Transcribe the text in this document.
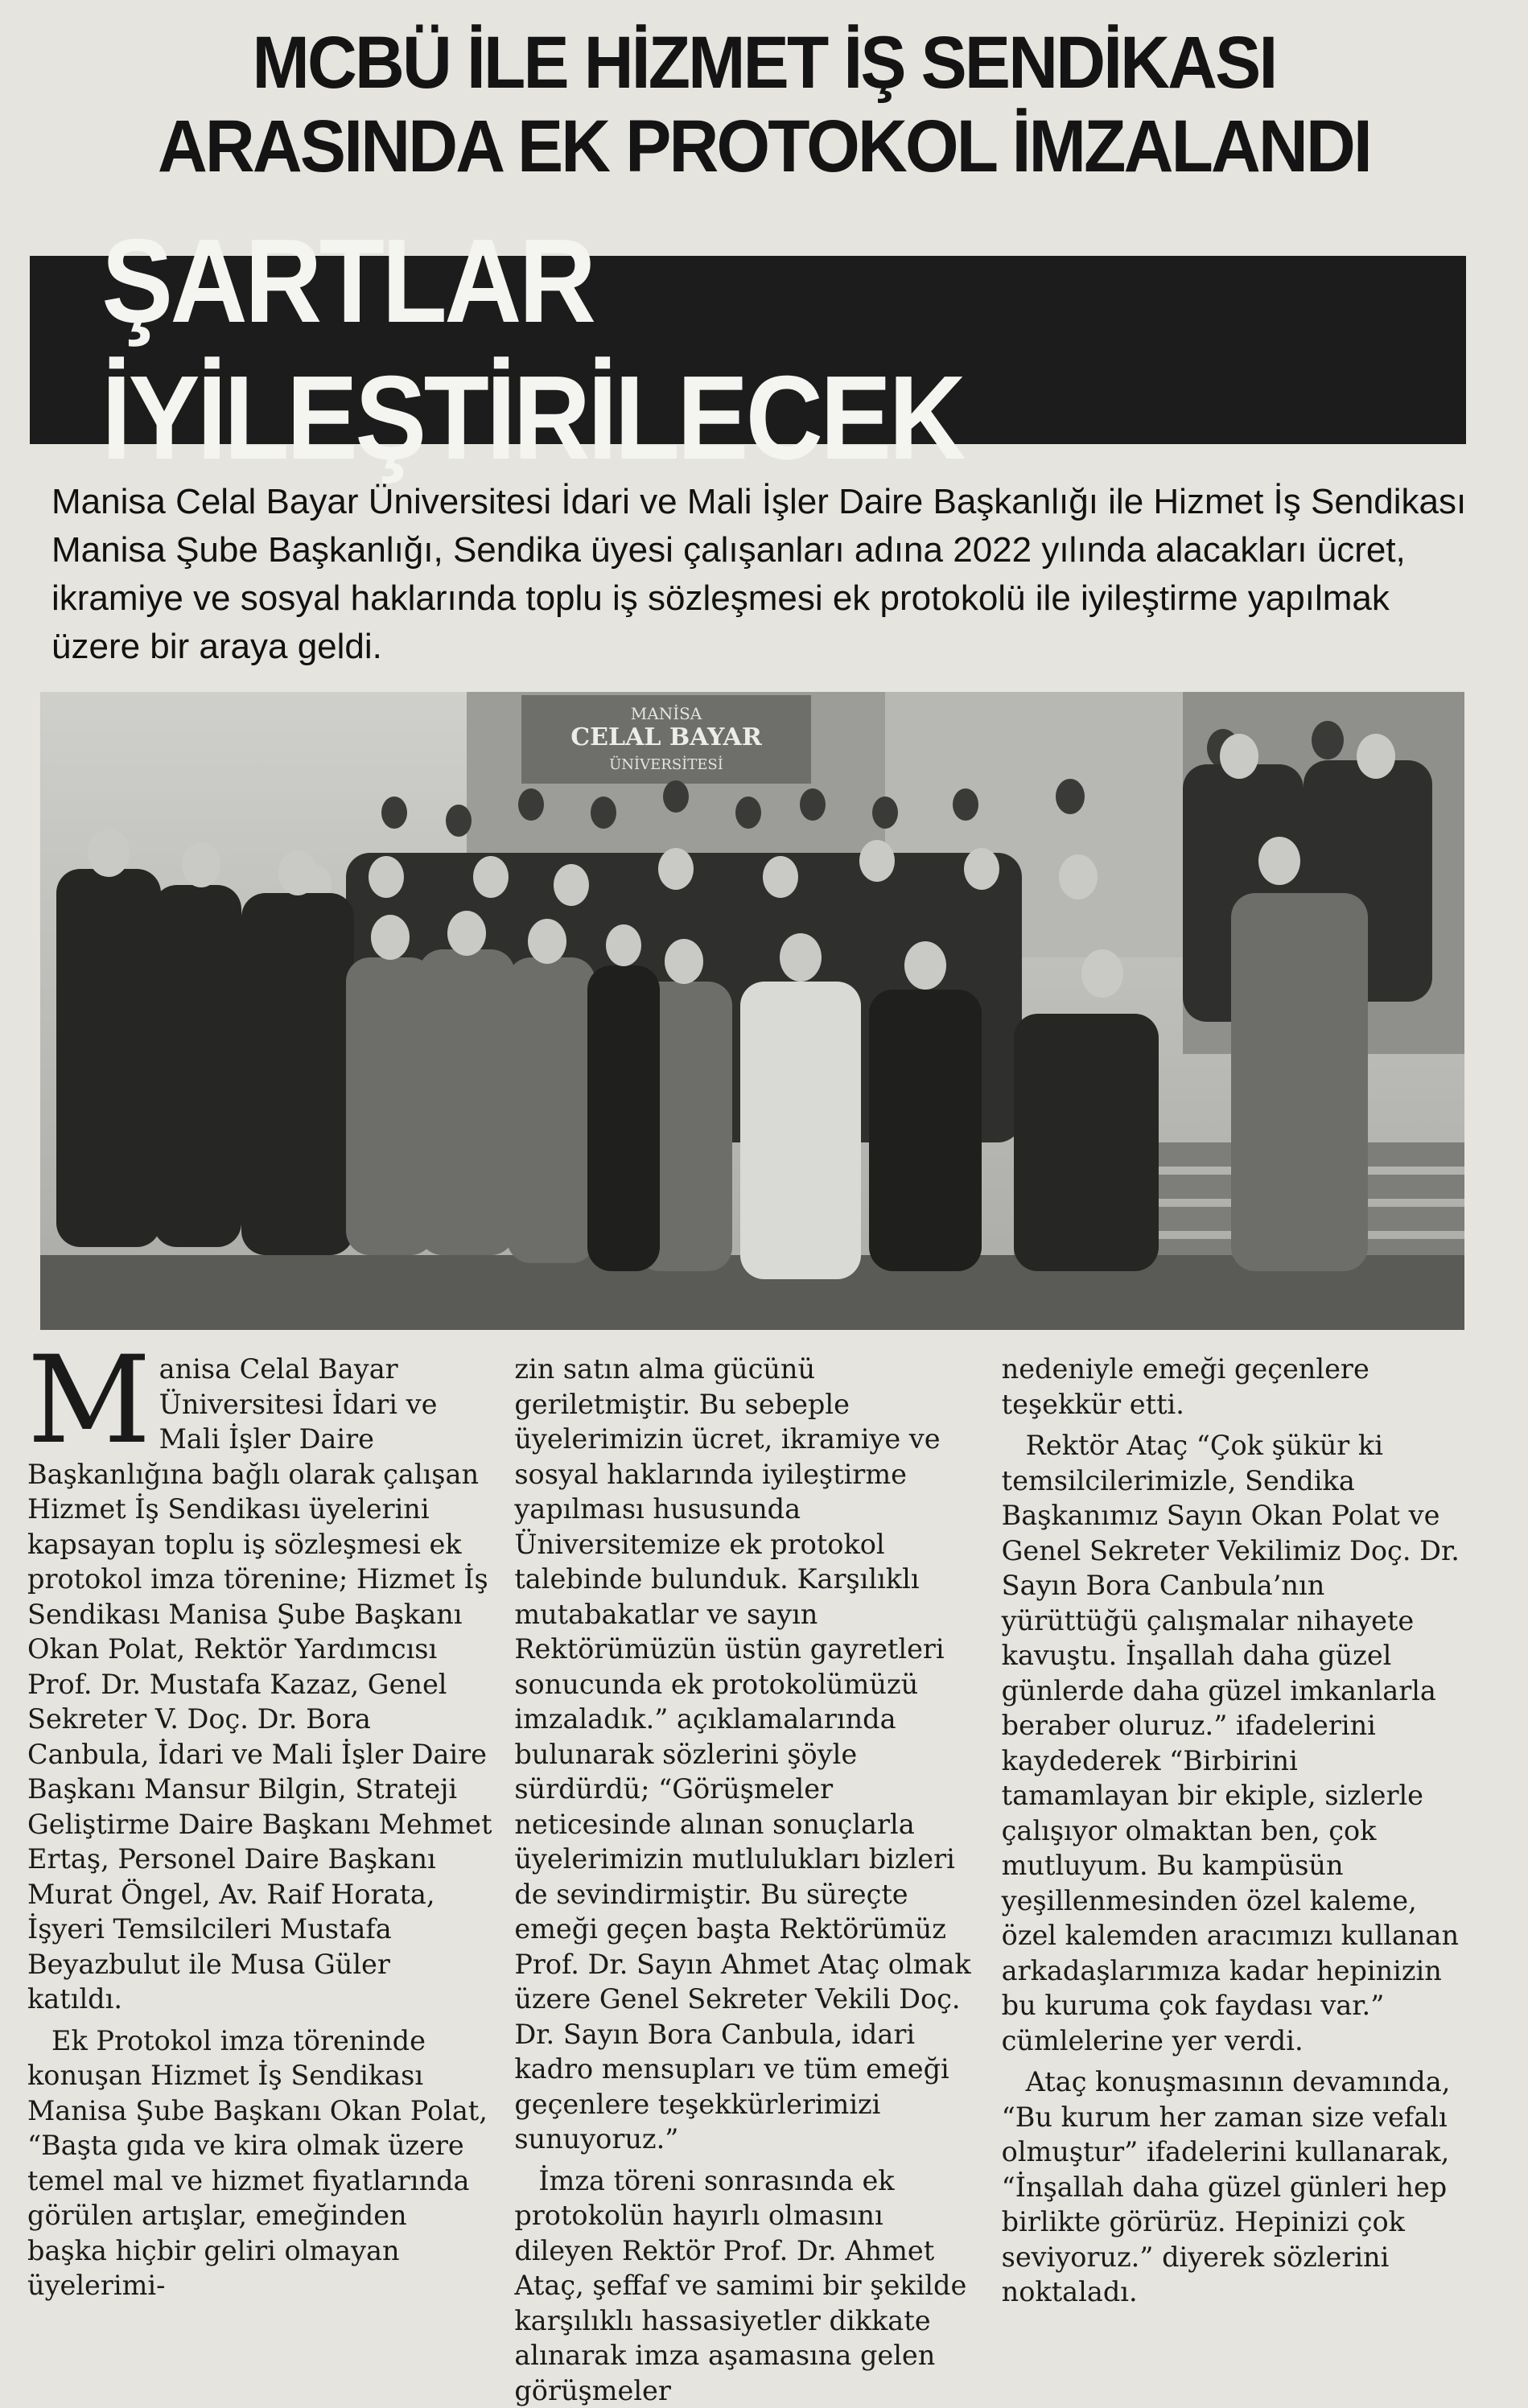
MCBÜ İLE HİZMET İŞ SENDİKASI
ARASINDA EK PROTOKOL İMZALANDI
ŞARTLAR İYİLEŞTİRİLECEK
Manisa Celal Bayar Üniversitesi İdari ve Mali İşler Daire Başkanlığı ile Hizmet İş Sendikası Manisa Şube Başkanlığı, Sendika üyesi çalışanları adına 2022 yılında alacakları ücret, ikramiye ve sosyal haklarında toplu iş sözleşmesi ek protokolü ile iyileştirme yapılmak üzere bir araya geldi.
MANİSA
CELAL BAYAR
ÜNİVERSİTESİ

Manisa Celal Bayar Üniversitesi İdari ve Mali İşler Daire Başkanlığına bağlı olarak çalışan Hizmet İş Sendikası üyelerini kapsayan toplu iş sözleşmesi ek protokol imza törenine; Hizmet İş Sendikası Manisa Şube Başkanı Okan Polat, Rektör Yardımcısı Prof. Dr. Mustafa Kazaz, Genel Sekreter V. Doç. Dr. Bora Canbula, İdari ve Mali İşler Daire Başkanı Mansur Bilgin, Strateji Geliştirme Daire Başkanı Mehmet Ertaş, Personel Daire Başkanı Murat Öngel, Av. Raif Horata, İşyeri Temsilcileri Mustafa Beyazbulut ile Musa Güler katıldı.

Ek Protokol imza töreninde konuşan Hizmet İş Sendikası Manisa Şube Başkanı Okan Polat, “Başta gıda ve kira olmak üzere temel mal ve hizmet fiyatlarında görülen artışlar, emeğinden başka hiçbir geliri olmayan üyelerimi-

zin satın alma gücünü geriletmiştir. Bu sebeple üyelerimizin ücret, ikramiye ve sosyal haklarında iyileştirme yapılması hususunda Üniversitemize ek protokol talebinde bulunduk. Karşılıklı mutabakatlar ve sayın Rektörümüzün üstün gayretleri sonucunda ek protokolümüzü imzaladık.” açıklamalarında bulunarak sözlerini şöyle sürdürdü; “Görüşmeler neticesinde alınan sonuçlarla üyelerimizin mutlulukları bizleri de sevindirmiştir. Bu süreçte emeği geçen başta Rektörümüz Prof. Dr. Sayın Ahmet Ataç olmak üzere Genel Sekreter Vekili Doç. Dr. Sayın Bora Canbula, idari kadro mensupları ve tüm emeği geçenlere teşekkürlerimizi sunuyoruz.”

İmza töreni sonrasında ek protokolün hayırlı olmasını dileyen Rektör Prof. Dr. Ahmet Ataç, şeffaf ve samimi bir şekilde karşılıklı hassasiyetler dikkate alınarak imza aşamasına gelen görüşmeler

nedeniyle emeği geçenlere teşekkür etti.

Rektör Ataç “Çok şükür ki temsilcilerimizle, Sendika Başkanımız Sayın Okan Polat ve Genel Sekreter Vekilimiz Doç. Dr. Sayın Bora Canbula’nın yürüttüğü çalışmalar nihayete kavuştu. İnşallah daha güzel günlerde daha güzel imkanlarla beraber oluruz.” ifadelerini kaydederek “Birbirini tamamlayan bir ekiple, sizlerle çalışıyor olmaktan ben, çok mutluyum. Bu kampüsün yeşillenmesinden özel kaleme, özel kalemden aracımızı kullanan arkadaşlarımıza kadar hepinizin bu kuruma çok faydası var.” cümlelerine yer verdi.

Ataç konuşmasının devamında, “Bu kurum her zaman size vefalı olmuştur” ifadelerini kullanarak, “İnşallah daha güzel günleri hep birlikte görürüz. Hepinizi çok seviyoruz.” diyerek sözlerini noktaladı.
